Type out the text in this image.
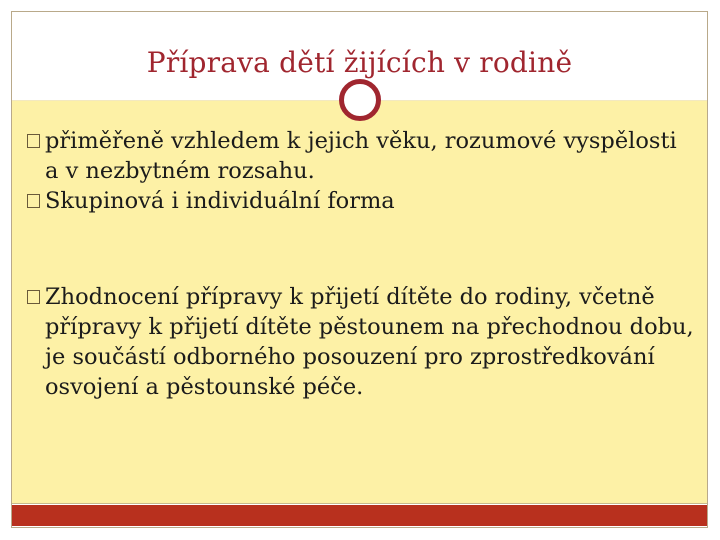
Příprava dětí žijících v rodině
přiměřeně vzhledem k jejich věku, rozumové vyspělosti a v nezbytném rozsahu.
Skupinová i individuální forma
Zhodnocení přípravy k přijetí dítěte do rodiny, včetně přípravy k přijetí dítěte pěstounem na přechodnou dobu, je součástí odborného posouzení pro zprostředkování osvojení a pěstounské péče.
